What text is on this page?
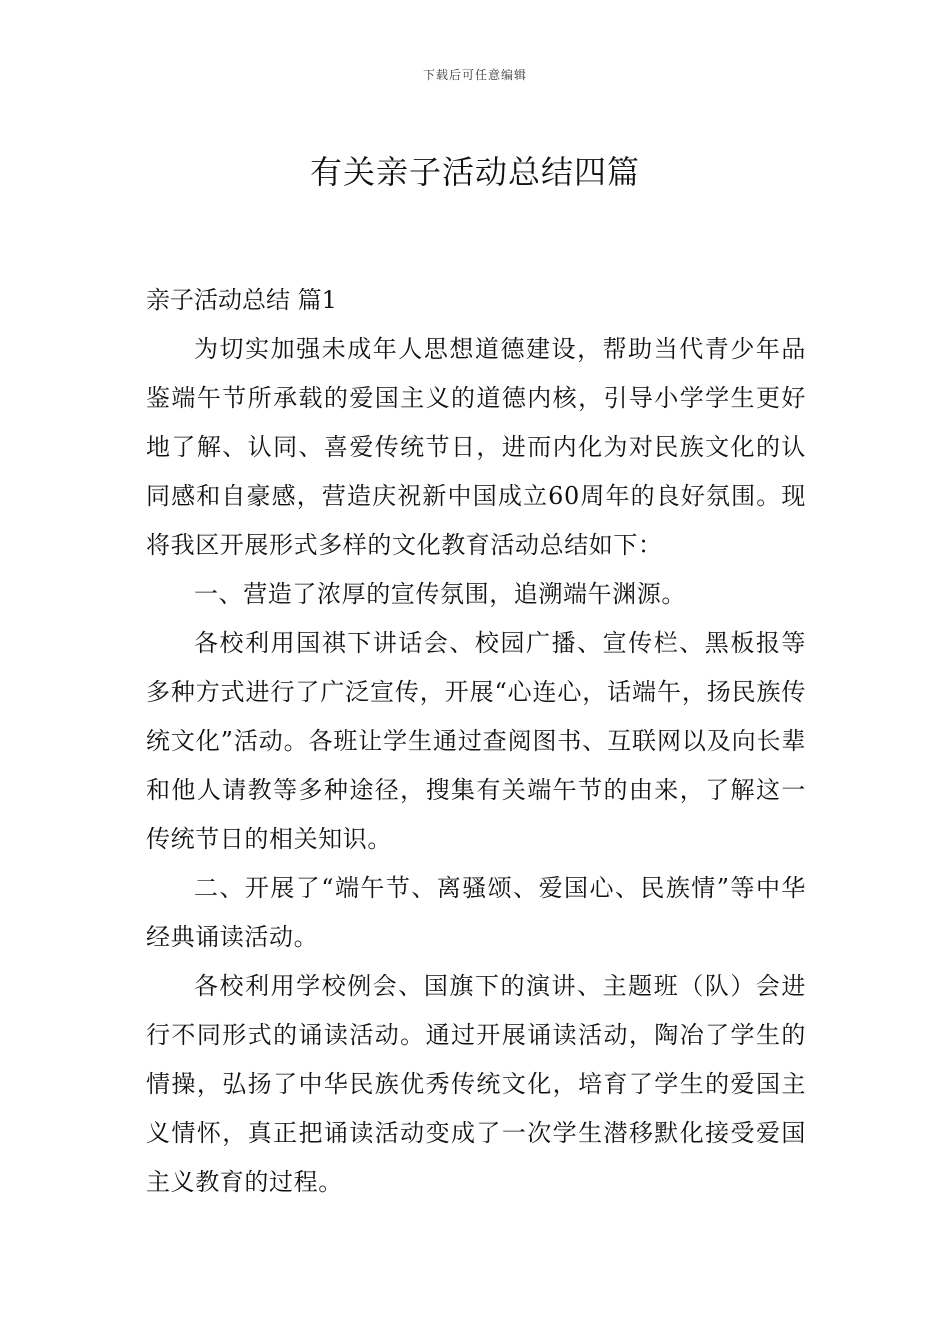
下载后可任意编辑
有关亲子活动总结四篇

亲子活动总结 篇1

为切实加强未成年人思想道德建设，帮助当代青少年品鉴端午节所承载的爱国主义的道德内核，引导小学学生更好地了解、认同、喜爱传统节日，进而内化为对民族文化的认同感和自豪感，营造庆祝新中国成立60周年的良好氛围。现将我区开展形式多样的文化教育活动总结如下：

一、营造了浓厚的宣传氛围，追溯端午渊源。

各校利用国祺下讲话会、校园广播、宣传栏、黑板报等多种方式进行了广泛宣传，开展“心连心，话端午，扬民族传统文化”活动。各班让学生通过查阅图书、互联网以及向长辈和他人请教等多种途径，搜集有关端午节的由来，了解这一传统节日的相关知识。

二、开展了“端午节、离骚颂、爱国心、民族情”等中华经典诵读活动。

各校利用学校例会、国旗下的演讲、主题班（队）会进行不同形式的诵读活动。通过开展诵读活动，陶冶了学生的情操，弘扬了中华民族优秀传统文化，培育了学生的爱国主义情怀，真正把诵读活动变成了一次学生潜移默化接受爱国主义教育的过程。
